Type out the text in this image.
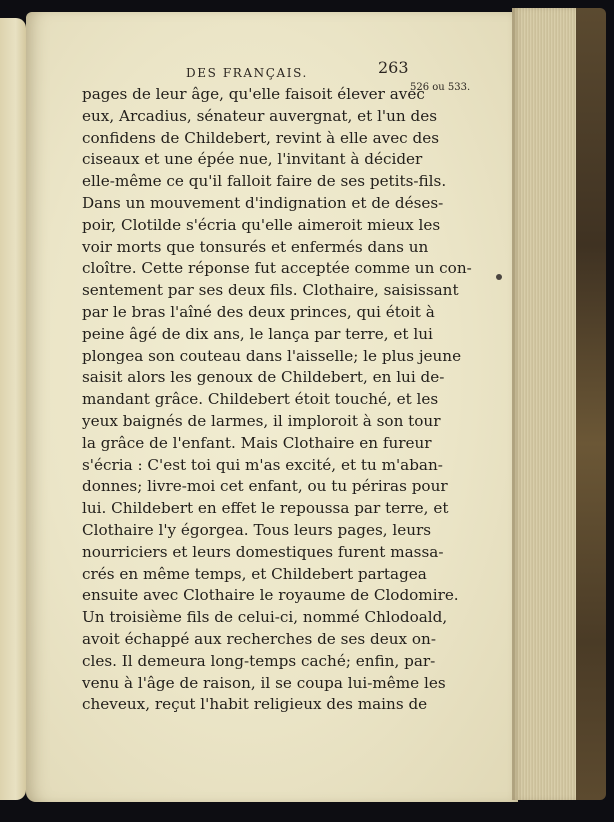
DES FRANÇAIS.	263
526 ou 533.
pages de leur âge, qu'elle faisoit élever avec
eux, Arcadius, sénateur auvergnat, et l'un des
confidens de Childebert, revint à elle avec des
ciseaux et une épée nue, l'invitant à décider
elle-même ce qu'il falloit faire de ses petits-fils.
Dans un mouvement d'indignation et de déses-
poir, Clotilde s'écria qu'elle aimeroit mieux les
voir morts que tonsurés et enfermés dans un
cloître. Cette réponse fut acceptée comme un con-
sentement par ses deux fils. Clothaire, saisissant
par le bras l'aîné des deux princes, qui étoit à
peine âgé de dix ans, le lança par terre, et lui
plongea son couteau dans l'aisselle; le plus jeune
saisit alors les genoux de Childebert, en lui de-
mandant grâce. Childebert étoit touché, et les
yeux baignés de larmes, il imploroit à son tour
la grâce de l'enfant. Mais Clothaire en fureur
s'écria : C'est toi qui m'as excité, et tu m'aban-
donnes; livre-moi cet enfant, ou tu périras pour
lui. Childebert en effet le repoussa par terre, et
Clothaire l'y égorgea. Tous leurs pages, leurs
nourriciers et leurs domestiques furent massa-
crés en même temps, et Childebert partagea
ensuite avec Clothaire le royaume de Clodomire.
Un troisième fils de celui-ci, nommé Chlodoald,
avoit échappé aux recherches de ses deux on-
cles. Il demeura long-temps caché; enfin, par-
venu à l'âge de raison, il se coupa lui-même les
cheveux, reçut l'habit religieux des mains de
